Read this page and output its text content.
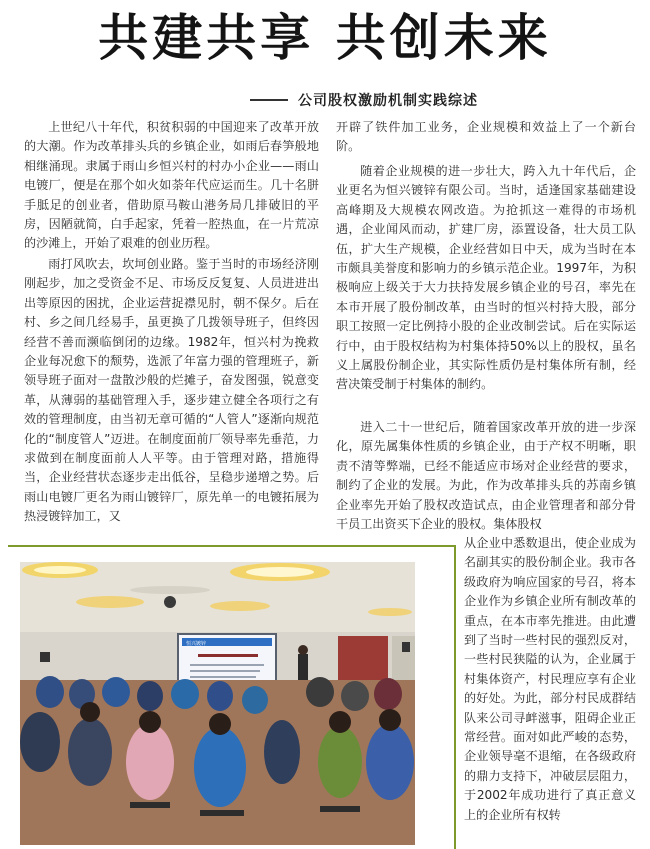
共建共享 共创未来
公司股权激励机制实践综述

上世纪八十年代，积贫积弱的中国迎来了改革开放的大潮。作为改革排头兵的乡镇企业，如雨后春笋般地相继涌现。隶属于雨山乡恒兴村的村办小企业——雨山电镀厂，便是在那个如火如荼年代应运而生。几十名胼手胝足的创业者，借助原马鞍山港务局几排破旧的平房，因陋就简，白手起家，凭着一腔热血，在一片荒凉的沙滩上，开始了艰难的创业历程。

雨打风吹去，坎坷创业路。鉴于当时的市场经济刚刚起步，加之受资金不足、市场反反复复、人员进进出出等原因的困扰，企业运营捉襟见肘，朝不保夕。后在村、乡之间几经易手，虽更换了几拨领导班子，但终因经营不善而濒临倒闭的边缘。1982年，恒兴村为挽救企业每况愈下的颓势，选派了年富力强的管理班子，新领导班子面对一盘散沙般的烂摊子，奋发图强，锐意变革，从薄弱的基础管理入手，逐步建立健全各项行之有效的管理制度，由当初无章可循的“人管人”逐渐向规范化的“制度管人”迈进。在制度面前厂领导率先垂范，力求做到在制度面前人人平等。由于管理对路，措施得当，企业经营状态逐步走出低谷，呈稳步递增之势。后雨山电镀厂更名为雨山镀锌厂，原先单一的电镀拓展为热浸镀锌加工，又

开辟了铁件加工业务，企业规模和效益上了一个新台阶。

随着企业规模的进一步壮大，跨入九十年代后，企业更名为恒兴镀锌有限公司。当时，适逢国家基础建设高峰期及大规模农网改造。为抢抓这一难得的市场机遇，企业闻风而动，扩建厂房，添置设备，壮大员工队伍，扩大生产规模，企业经营如日中天，成为当时在本市颇具美誉度和影响力的乡镇示范企业。1997年，为积极响应上级关于大力扶持发展乡镇企业的号召，率先在本市开展了股份制改革，由当时的恒兴村持大股，部分职工按照一定比例持小股的企业改制尝试。后在实际运行中，由于股权结构为村集体持50%以上的股权，虽名义上属股份制企业，其实际性质仍是村集体所有制，经营决策受制于村集体的制约。

进入二十一世纪后，随着国家改革开放的进一步深化，原先属集体性质的乡镇企业，由于产权不明晰，职责不清等弊端，已经不能适应市场对企业经营的要求，制约了企业的发展。为此，作为改革排头兵的苏南乡镇企业率先开始了股权改造试点，由企业管理者和部分骨干员工出资买下企业的股权。集体股权

从企业中悉数退出，使企业成为名副其实的股份制企业。我市各级政府为响应国家的号召，将本企业作为乡镇企业所有制改革的重点，在本市率先推进。由此遭到了当时一些村民的强烈反对，一些村民狭隘的认为，企业属于村集体资产，村民理应享有企业的好处。为此，部分村民成群结队来公司寻衅滋事，阻碍企业正常经营。面对如此严峻的态势，企业领导毫不退缩，在各级政府的鼎力支持下，冲破层层阻力，于2002年成功进行了真正意义上的企业所有权转

恒兴镀锌
